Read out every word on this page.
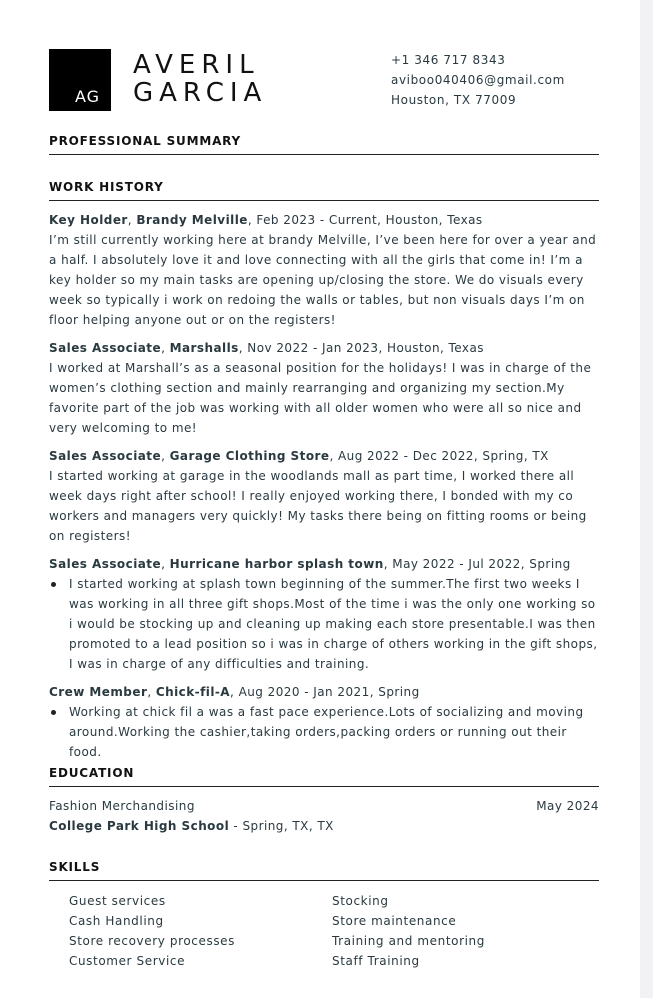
AG
AVERIL
GARCIA
+1 346 717 8343
aviboo040406@gmail.com
Houston, TX 77009
PROFESSIONAL SUMMARY
WORK HISTORY
Key Holder, Brandy Melville, Feb 2023 - Current, Houston, Texas
I’m still currently working here at brandy Melville, I’ve been here for over a year and a half. I absolutely love it and love connecting with all the girls that come in! I’m a key holder so my main tasks are opening up/closing the store. We do visuals every week so typically i work on redoing the walls or tables, but non visuals days I’m on floor helping anyone out or on the registers!
Sales Associate, Marshalls, Nov 2022 - Jan 2023, Houston, Texas
I worked at Marshall’s as a seasonal position for the holidays! I was in charge of the women’s clothing section and mainly rearranging and organizing my section.My favorite part of the job was working with all older women who were all so nice and very welcoming to me!
Sales Associate, Garage Clothing Store, Aug 2022 - Dec 2022, Spring, TX
I started working at garage in the woodlands mall as part time, I worked there all week days right after school! I really enjoyed working there, I bonded with my co workers and managers very quickly! My tasks there being on fitting rooms or being on registers!
Sales Associate, Hurricane harbor splash town, May 2022 - Jul 2022, Spring
I started working at splash town beginning of the summer.The first two weeks I was working in all three gift shops.Most of the time i was the only one working so i would be stocking up and cleaning up making each store presentable.I was then promoted to a lead position so i was in charge of others working in the gift shops, I was in charge of any difficulties and training.
Crew Member, Chick-fil-A, Aug 2020 - Jan 2021, Spring
Working at chick fil a was a fast pace experience.Lots of socializing and moving around.Working the cashier,taking orders,packing orders or running out their food.
EDUCATION
Fashion Merchandising	May 2024
College Park High School - Spring, TX, TX
SKILLS
Guest services
Cash Handling
Store recovery processes
Customer Service
Stocking
Store maintenance
Training and mentoring
Staff Training
